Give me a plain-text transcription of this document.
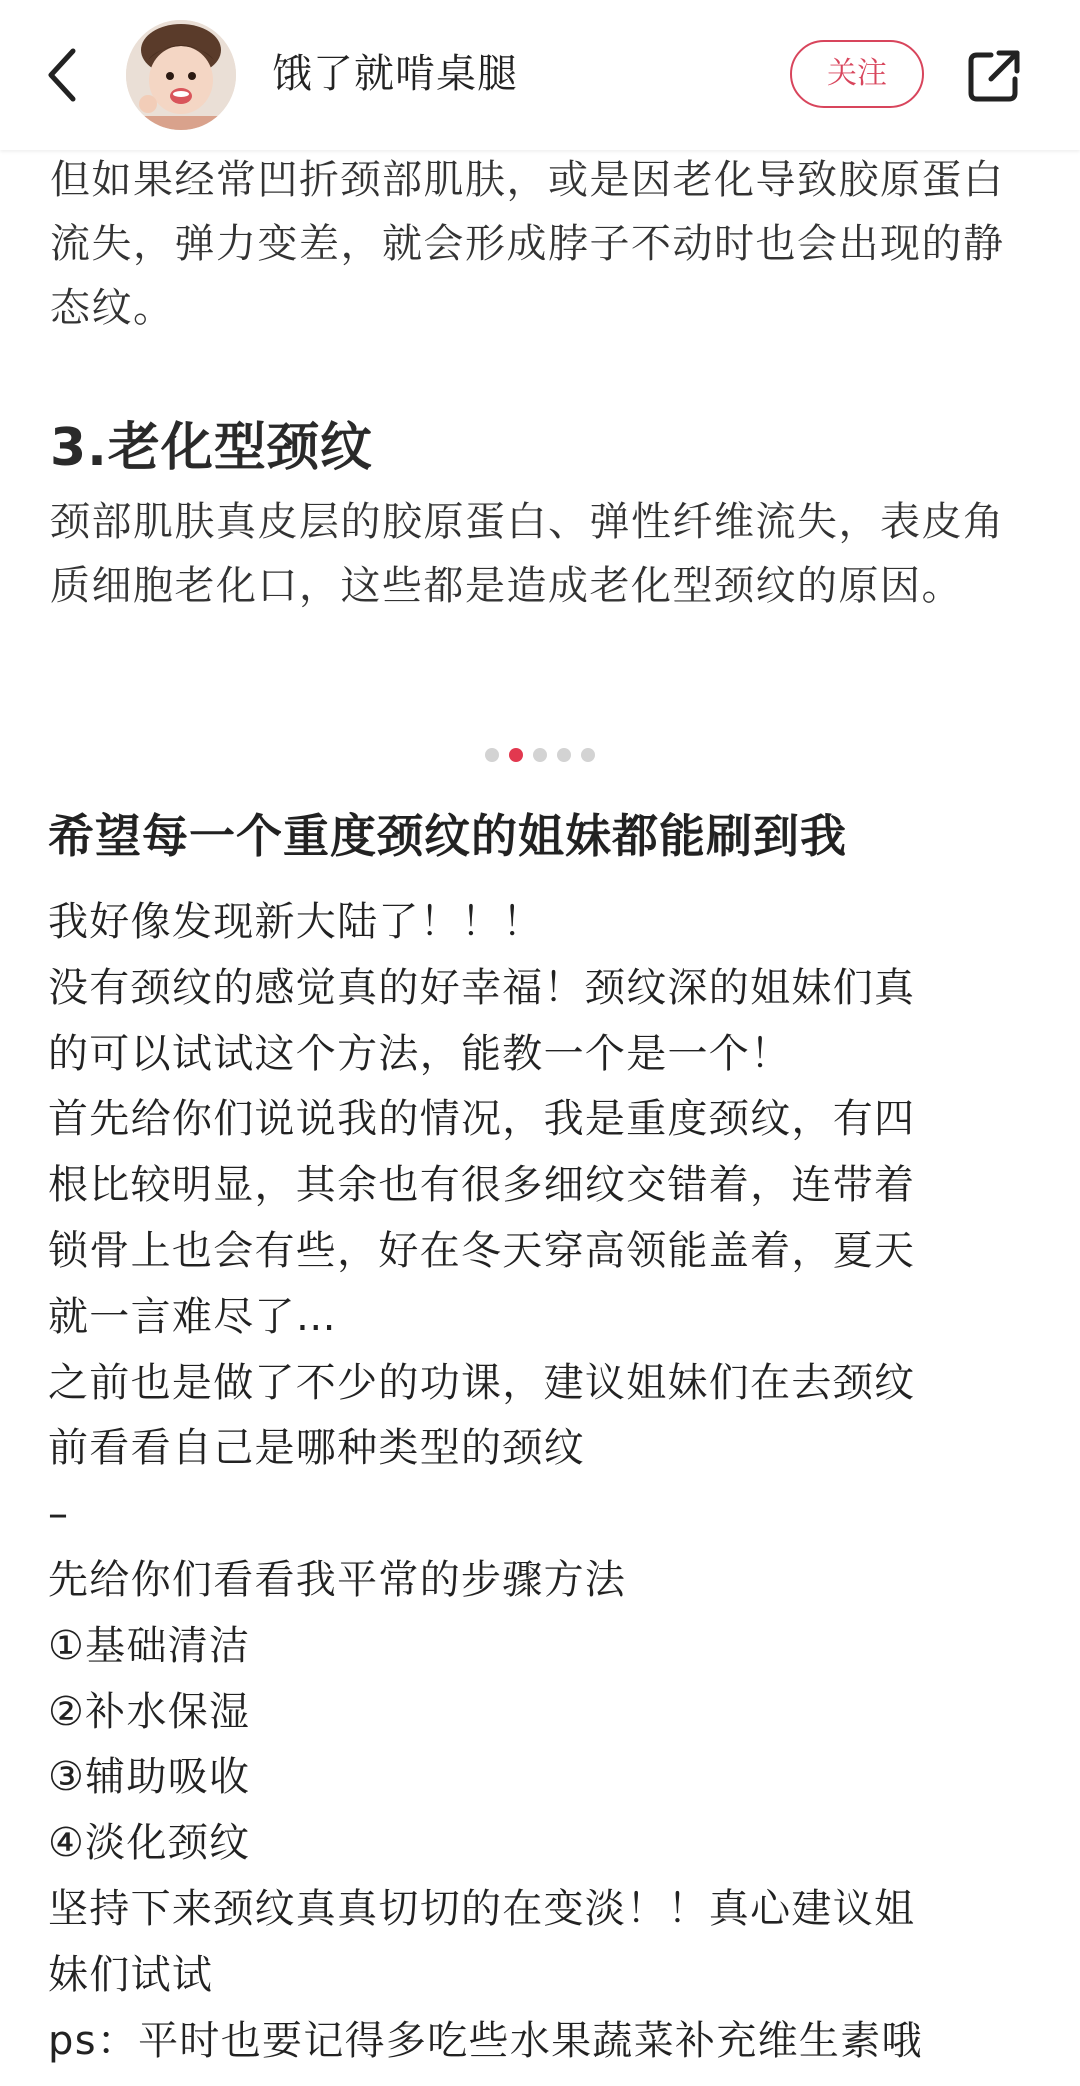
饿了就啃桌腿	关注

但如果经常凹折颈部肌肤，或是因老化导致胶原蛋白流失，弹力变差，就会形成脖子不动时也会出现的静态纹。

3.老化型颈纹

颈部肌肤真皮层的胶原蛋白、弹性纤维流失，表皮角质细胞老化口，这些都是造成老化型颈纹的原因。

希望每一个重度颈纹的姐妹都能刷到我

我好像发现新大陆了！！！

没有颈纹的感觉真的好幸福！颈纹深的姐妹们真

的可以试试这个方法，能教一个是一个！

首先给你们说说我的情况，我是重度颈纹，有四

根比较明显，其余也有很多细纹交错着，连带着

锁骨上也会有些，好在冬天穿高领能盖着，夏天

就一言难尽了…

之前也是做了不少的功课，建议姐妹们在去颈纹

前看看自己是哪种类型的颈纹

–

先给你们看看我平常的步骤方法

①基础清洁

②补水保湿

③辅助吸收

④淡化颈纹

坚持下来颈纹真真切切的在变淡！！真心建议姐

妹们试试

ps：平时也要记得多吃些水果蔬菜补充维生素哦
